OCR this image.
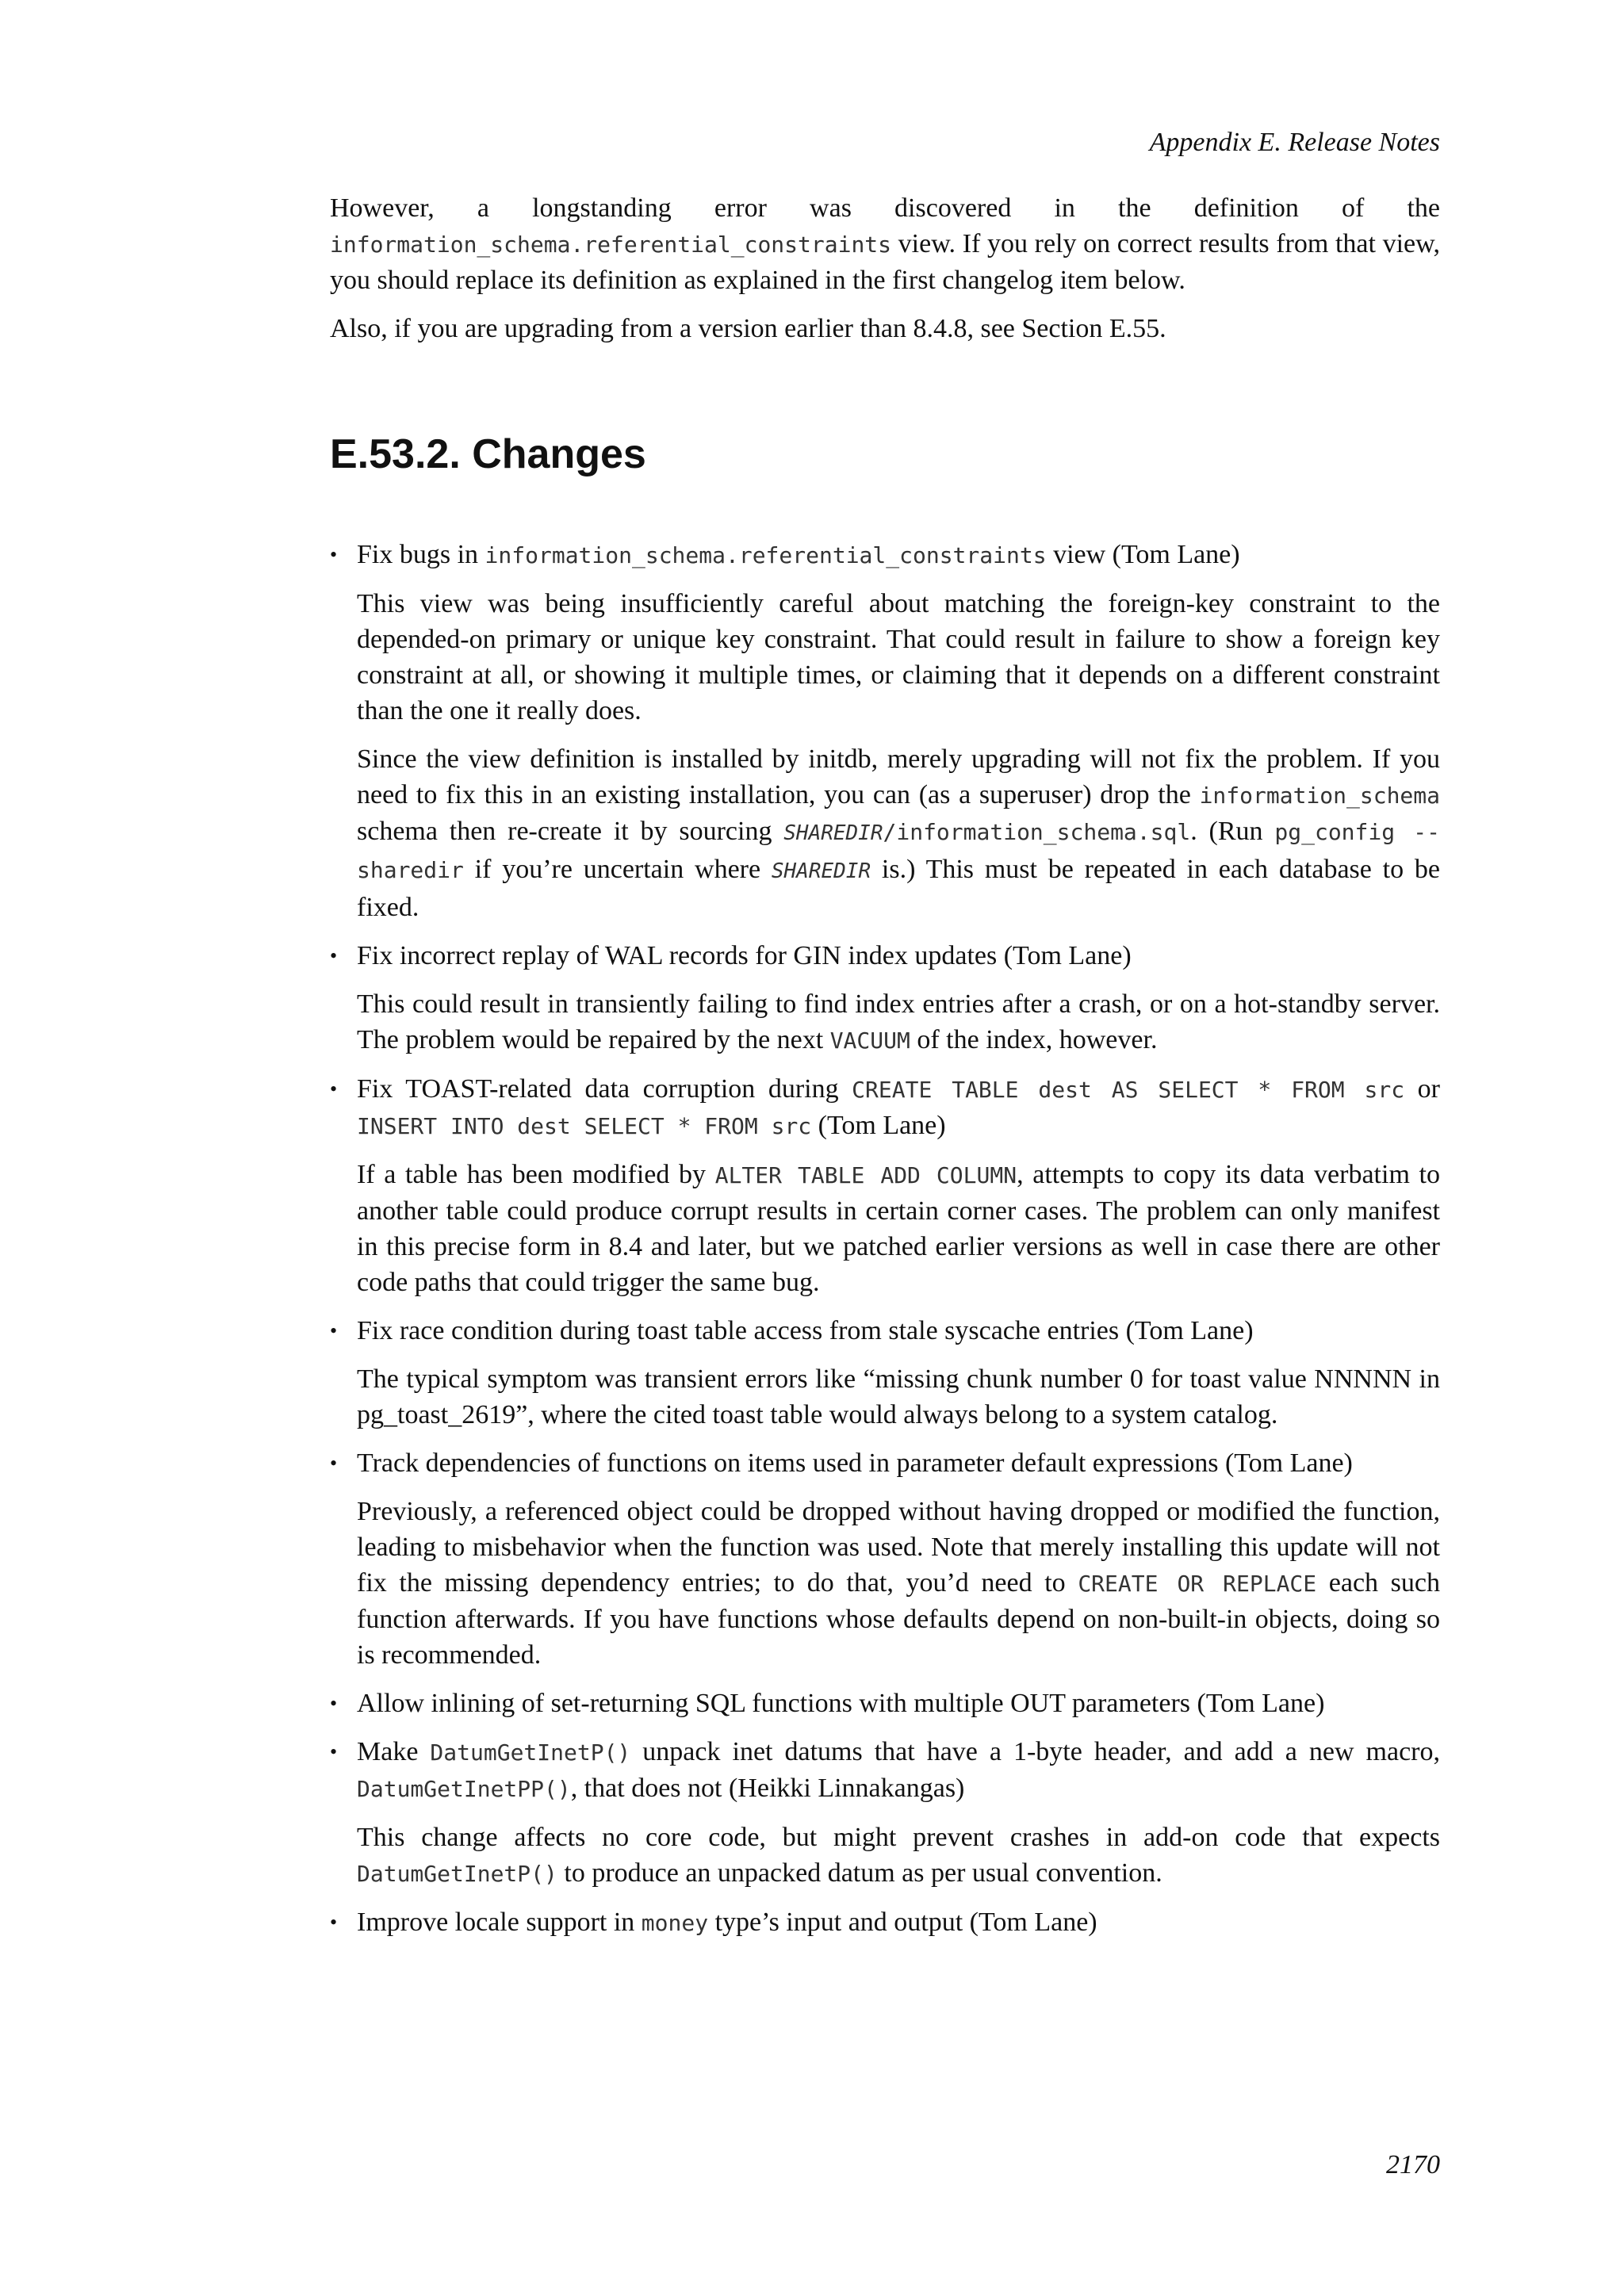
Appendix E. Release Notes

However, a longstanding error was discovered in the definition of the information_schema.referential_constraints view. If you rely on correct results from that view, you should replace its definition as explained in the first changelog item below.

Also, if you are upgrading from a version earlier than 8.4.8, see Section E.55.

E.53.2. Changes
• Fix bugs in information_schema.referential_constraints view (Tom Lane)

This view was being insufficiently careful about matching the foreign-key constraint to the depended-on primary or unique key constraint. That could result in failure to show a foreign key constraint at all, or showing it multiple times, or claiming that it depends on a different constraint than the one it really does.

Since the view definition is installed by initdb, merely upgrading will not fix the problem. If you need to fix this in an existing installation, you can (as a superuser) drop the information_schema schema then re-create it by sourcing SHAREDIR/information_schema.sql. (Run pg_config --sharedir if you’re uncertain where SHAREDIR is.) This must be repeated in each database to be fixed.

• Fix incorrect replay of WAL records for GIN index updates (Tom Lane)

This could result in transiently failing to find index entries after a crash, or on a hot-standby server. The problem would be repaired by the next VACUUM of the index, however.

• Fix TOAST-related data corruption during CREATE TABLE dest AS SELECT * FROM src or INSERT INTO dest SELECT * FROM src (Tom Lane)

If a table has been modified by ALTER TABLE ADD COLUMN, attempts to copy its data verbatim to another table could produce corrupt results in certain corner cases. The problem can only manifest in this precise form in 8.4 and later, but we patched earlier versions as well in case there are other code paths that could trigger the same bug.

• Fix race condition during toast table access from stale syscache entries (Tom Lane)

The typical symptom was transient errors like “missing chunk number 0 for toast value NNNNN in pg_toast_2619”, where the cited toast table would always belong to a system catalog.

• Track dependencies of functions on items used in parameter default expressions (Tom Lane)

Previously, a referenced object could be dropped without having dropped or modified the function, leading to misbehavior when the function was used. Note that merely installing this update will not fix the missing dependency entries; to do that, you’d need to CREATE OR REPLACE each such function afterwards. If you have functions whose defaults depend on non-built-in objects, doing so is recommended.

• Allow inlining of set-returning SQL functions with multiple OUT parameters (Tom Lane)
• Make DatumGetInetP() unpack inet datums that have a 1-byte header, and add a new macro, DatumGetInetPP(), that does not (Heikki Linnakangas)

This change affects no core code, but might prevent crashes in add-on code that expects DatumGetInetP() to produce an unpacked datum as per usual convention.

• Improve locale support in money type’s input and output (Tom Lane)
2170
